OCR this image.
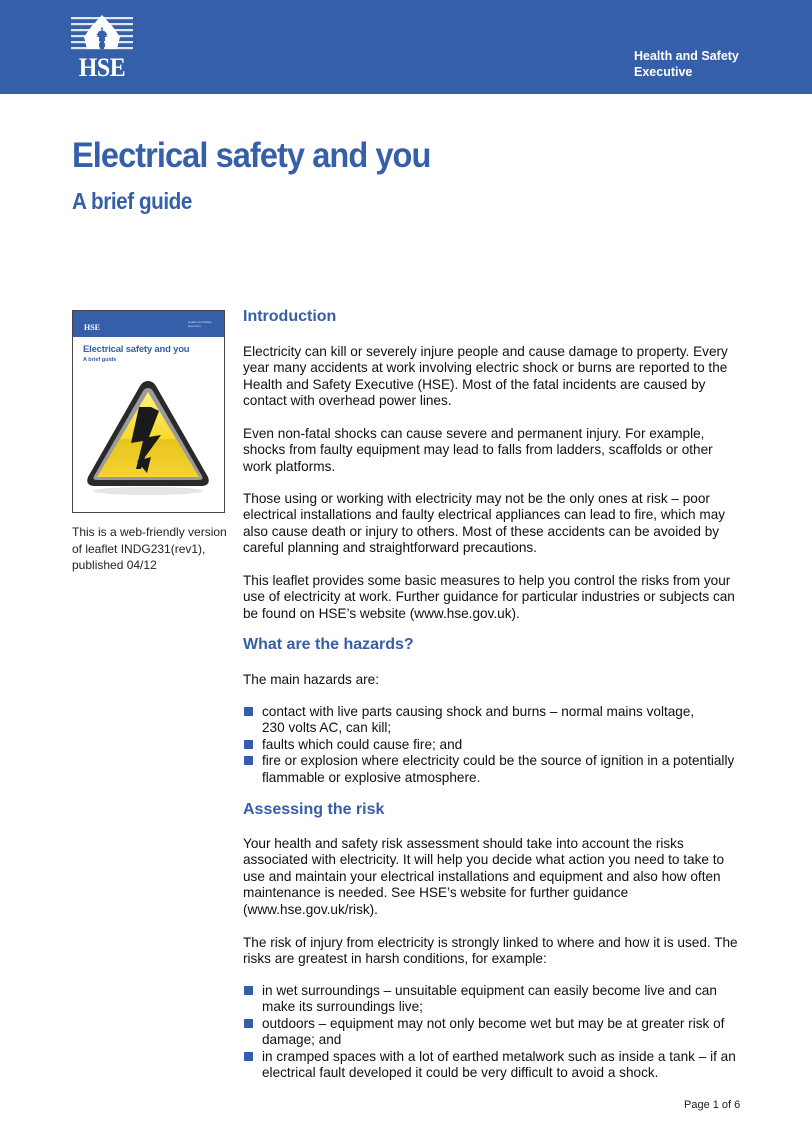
HSE	Health and Safety
Executive
Electrical safety and you
A brief guide
HSE
Health and Safety Executive
Electrical safety and you
A brief guide
This is a web-friendly version
of leaflet INDG231(rev1),
published 04/12
Introduction

Electricity can kill or severely injure people and cause damage to property. Every year many accidents at work involving electric shock or burns are reported to the Health and Safety Executive (HSE). Most of the fatal incidents are caused by contact with overhead power lines.

Even non-fatal shocks can cause severe and permanent injury. For example, shocks from faulty equipment may lead to falls from ladders, scaffolds or other work platforms.

Those using or working with electricity may not be the only ones at risk – poor electrical installations and faulty electrical appliances can lead to fire, which may also cause death or injury to others. Most of these accidents can be avoided by careful planning and straightforward precautions.

This leaflet provides some basic measures to help you control the risks from your use of electricity at work. Further guidance for particular industries or subjects can be found on HSE’s website (www.hse.gov.uk).

What are the hazards?

The main hazards are:

contact with live parts causing shock and burns – normal mains voltage, 230 volts AC, can kill;
faults which could cause fire; and
fire or explosion where electricity could be the source of ignition in a potentially flammable or explosive atmosphere.
Assessing the risk

Your health and safety risk assessment should take into account the risks associated with electricity. It will help you decide what action you need to take to use and maintain your electrical installations and equipment and also how often maintenance is needed. See HSE’s website for further guidance (www.hse.gov.uk/risk).

The risk of injury from electricity is strongly linked to where and how it is used. The risks are greatest in harsh conditions, for example:

in wet surroundings – unsuitable equipment can easily become live and can make its surroundings live;
outdoors – equipment may not only become wet but may be at greater risk of damage; and
in cramped spaces with a lot of earthed metalwork such as inside a tank – if an electrical fault developed it could be very difficult to avoid a shock.
Page 1 of 6
